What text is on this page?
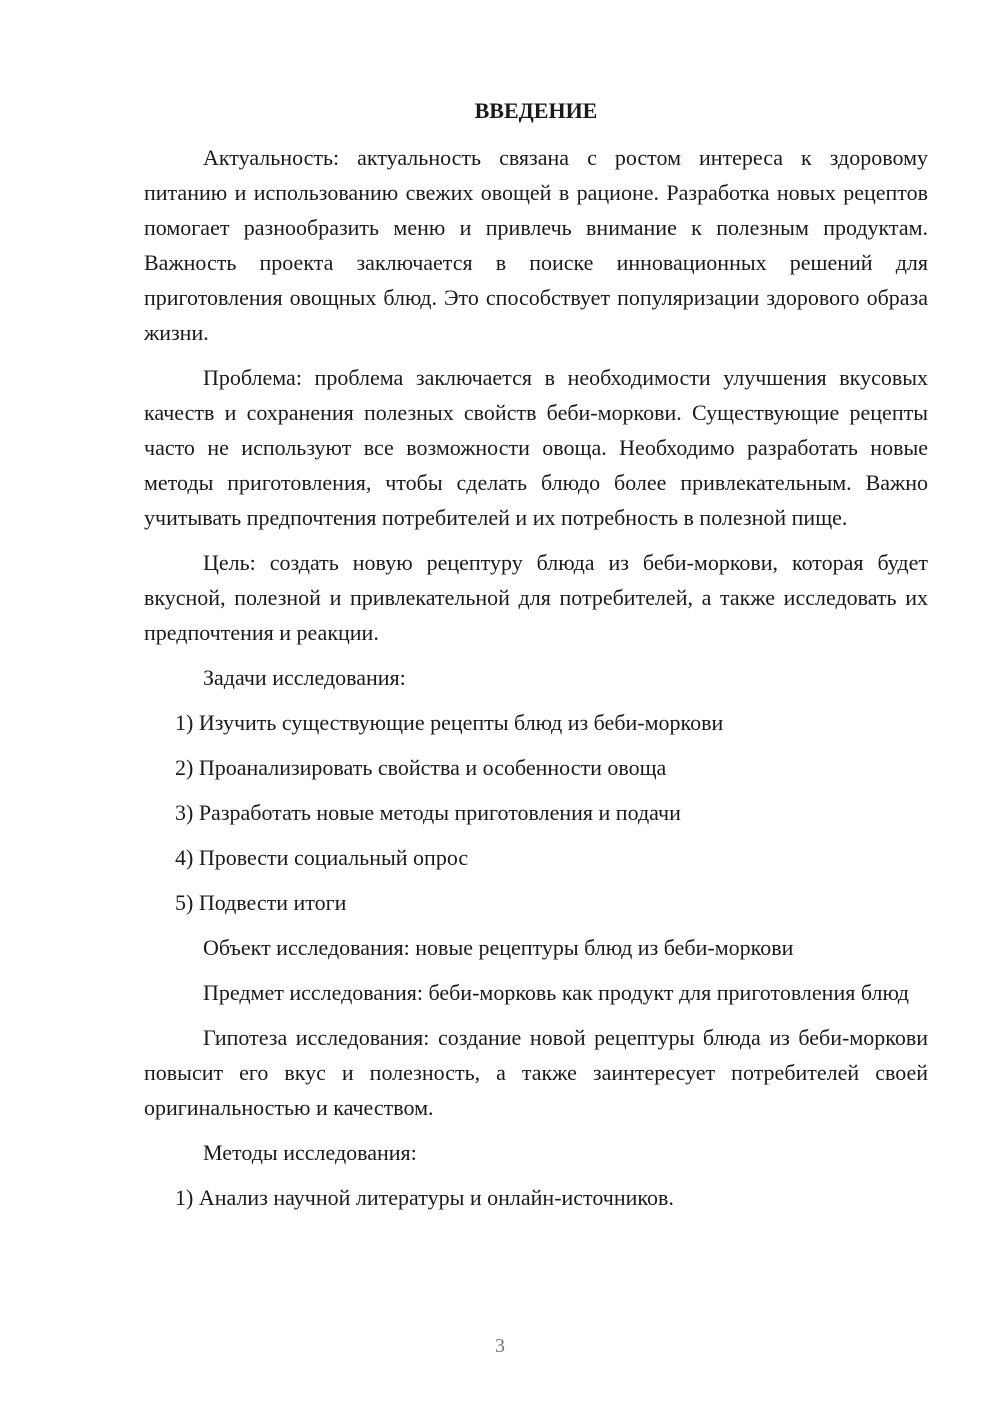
ВВЕДЕНИЕ

Актуальность: актуальность связана с ростом интереса к здоровому питанию и использованию свежих овощей в рационе. Разработка новых рецептов помогает разнообразить меню и привлечь внимание к полезным продуктам. Важность проекта заключается в поиске инновационных решений для приготовления овощных блюд. Это способствует популяризации здорового образа жизни.

Проблема: проблема заключается в необходимости улучшения вкусовых качеств и сохранения полезных свойств беби-моркови. Существующие рецепты часто не используют все возможности овоща. Необходимо разработать новые методы приготовления, чтобы сделать блюдо более привлекательным. Важно учитывать предпочтения потребителей и их потребность в полезной пище.

Цель: создать новую рецептуру блюда из беби-моркови, которая будет вкусной, полезной и привлекательной для потребителей, а также исследовать их предпочтения и реакции.

Задачи исследования:

1) Изучить существующие рецепты блюд из беби-моркови

2) Проанализировать свойства и особенности овоща

3) Разработать новые методы приготовления и подачи

4) Провести социальный опрос

5) Подвести итоги

Объект исследования: новые рецептуры блюд из беби-моркови

Предмет исследования: беби-морковь как продукт для приготовления блюд

Гипотеза исследования: создание новой рецептуры блюда из беби-моркови повысит его вкус и полезность, а также заинтересует потребителей своей оригинальностью и качеством.

Методы исследования:

1) Анализ научной литературы и онлайн-источников.

3
